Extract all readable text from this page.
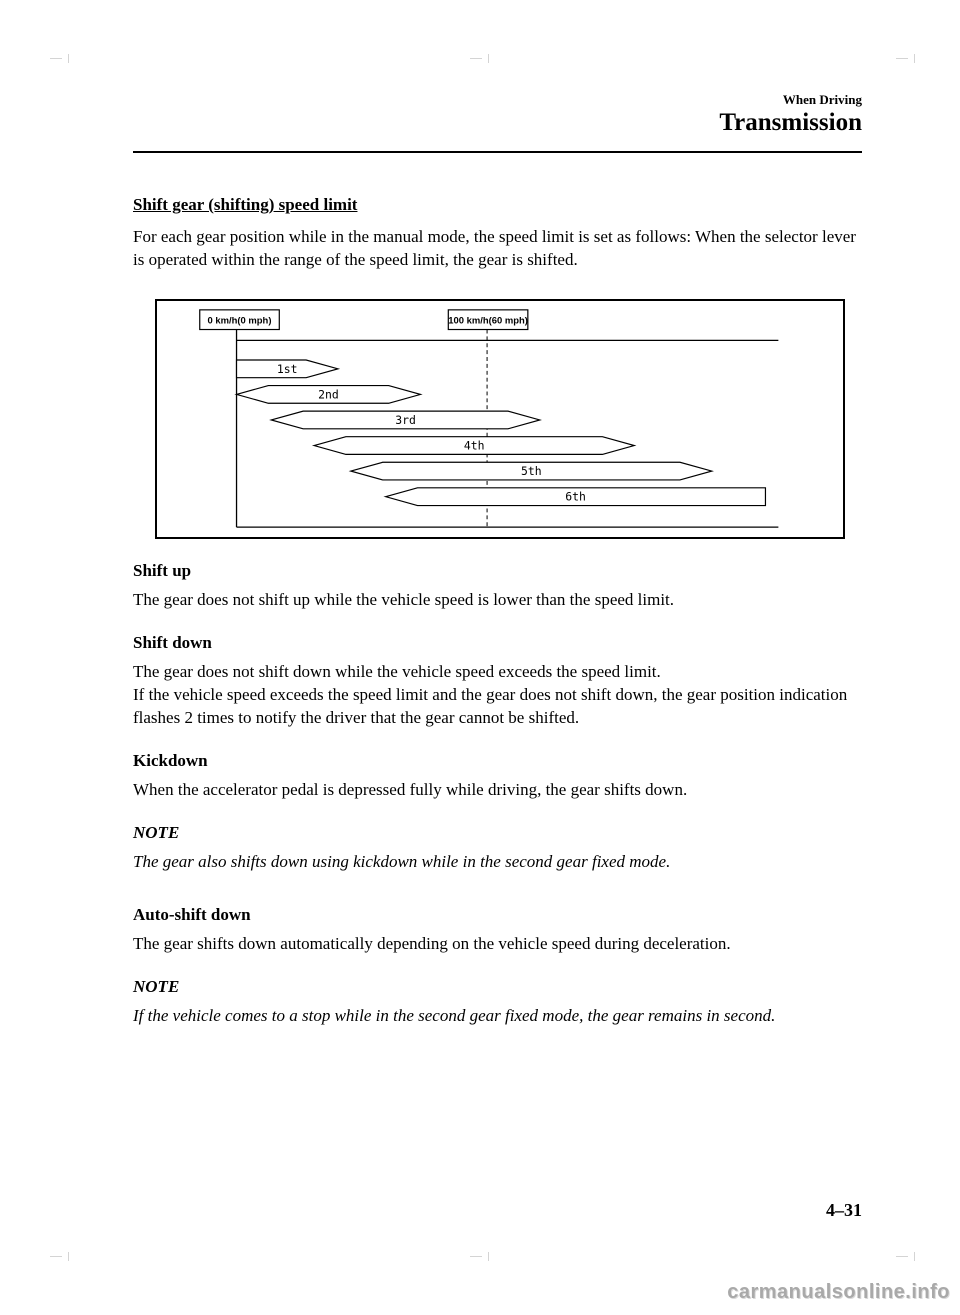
When Driving
Transmission
Shift gear (shifting) speed limit

For each gear position while in the manual mode, the speed limit is set as follows: When the selector lever is operated within the range of the speed limit, the gear is shifted.

0 km/h(0 mph)	100 km/h(60 mph)
1st
2nd
3rd
4th
5th
6th
Shift up

The gear does not shift up while the vehicle speed is lower than the speed limit.

Shift down

The gear does not shift down while the vehicle speed exceeds the speed limit.

If the vehicle speed exceeds the speed limit and the gear does not shift down, the gear position indication flashes 2 times to notify the driver that the gear cannot be shifted.

Kickdown

When the accelerator pedal is depressed fully while driving, the gear shifts down.

NOTE

The gear also shifts down using kickdown while in the second gear fixed mode.

Auto-shift down

The gear shifts down automatically depending on the vehicle speed during deceleration.

NOTE

If the vehicle comes to a stop while in the second gear fixed mode, the gear remains in second.

4–31
carmanualsonline.info
